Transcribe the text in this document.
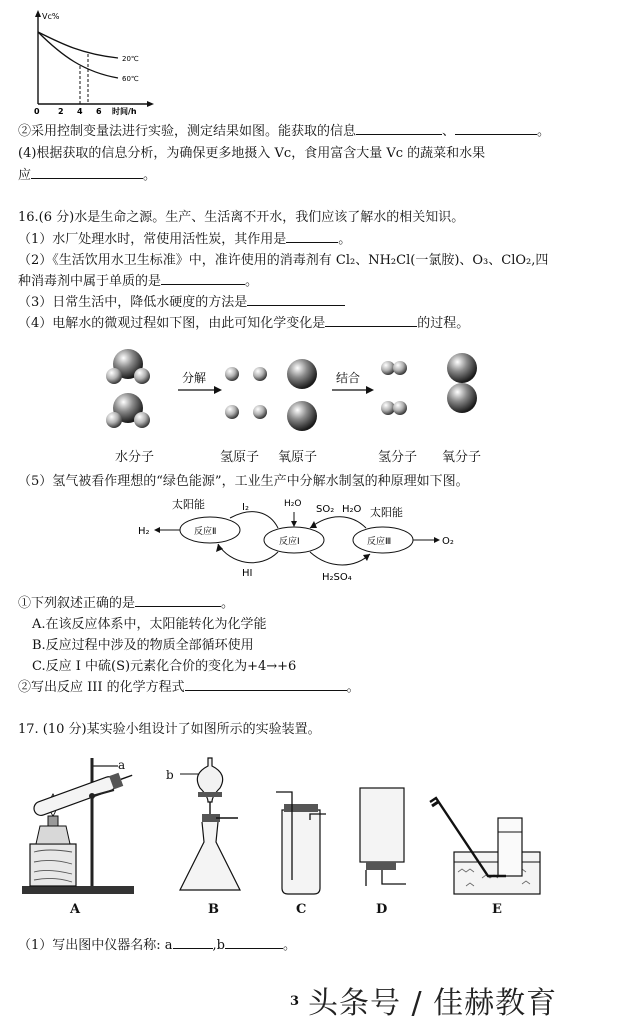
Vc%
20℃
60℃
0 2 4 6 时间/h
②采用控制变量法进行实验，测定结果如图。能获取的信息	、	。
(4)根据获取的信息分析，为确保更多地摄入 Vc，食用富含大量 Vc 的蔬菜和水果
应	。
16.(6 分)水是生命之源。生产、生活离不开水，我们应该了解水的相关知识。
（1）水厂处理水时，常使用活性炭，其作用是	。
（2）《生活饮用水卫生标准》中，准许使用的消毒剂有 Cl₂、NH₂Cl(一氯胺)、O₃、ClO₂,四
种消毒剂中属于单质的是	。
（3）日常生活中，降低水硬度的方法是
（4）电解水的微观过程如下图，由此可知化学变化是	的过程。
分解	结合
水分子	氢原子 氧原子	氢分子 氧分子
（5）氢气被看作理想的“绿色能源”，工业生产中分解水制氢的种原理如下图。
反应Ⅱ
反应Ⅰ	反应Ⅲ
太阳能	I₂	H₂O SO₂ H₂O 太阳能
H₂
O₂
HI	H₂SO₄
①下列叙述正确的是	。
A.在该反应体系中，太阳能转化为化学能
B.反应过程中涉及的物质全部循环使用
C.反应 I 中硫(S)元素化合价的变化为+4→+6
②写出反应 III 的化学方程式	。
17. (10 分)某实验小组设计了如图所示的实验装置。
a
b
A	B	C	D	E
（1）写出图中仪器名称: a	,b	。
3 头条号 / 佳赫教育
